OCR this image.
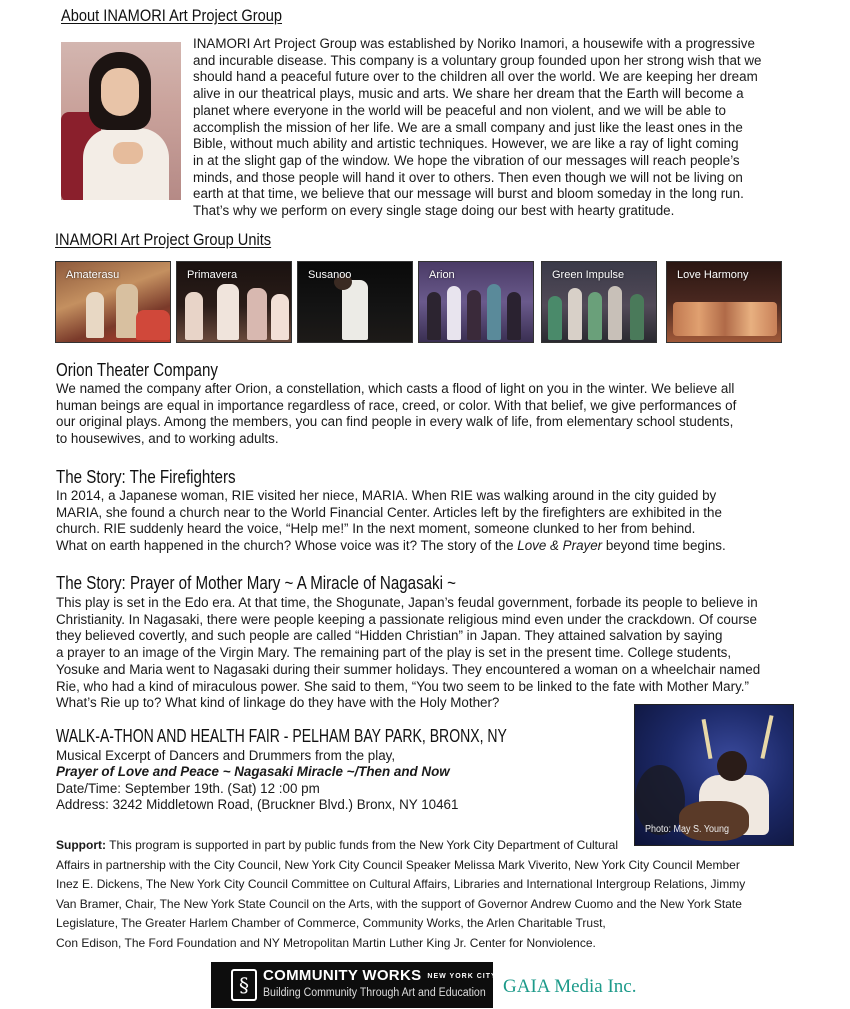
About INAMORI Art Project Group
INAMORI Art Project Group was established by Noriko Inamori, a housewife with a progressive
and incurable disease. This company is a voluntary group founded upon her strong wish that we
should hand a peaceful future over to the children all over the world. We are keeping her dream
alive in our theatrical plays, music and arts. We share her dream that the Earth will become a
planet where everyone in the world will be peaceful and non violent, and we will be able to
accomplish the mission of her life. We are a small company and just like the least ones in the
Bible, without much ability and artistic techniques. However, we are like a ray of light coming
in at the slight gap of the window. We hope the vibration of our messages will reach people’s
minds, and those people will hand it over to others. Then even though we will not be living on
earth at that time, we believe that our message will burst and bloom someday in the long run.
That’s why we perform on every single stage doing our best with hearty gratitude.
INAMORI Art Project Group Units
Amaterasu	Primavera	Susanoo	Arion	Green Impulse	Love Harmony
Orion Theater Company
We named the company after Orion, a constellation, which casts a flood of light on you in the winter. We believe all
human beings are equal in importance regardless of race, creed, or color. With that belief, we give performances of
our original plays. Among the members, you can find people in every walk of life, from elementary school students,
to housewives, and to working adults.
The Story: The Firefighters
In 2014, a Japanese woman, RIE visited her niece, MARIA. When RIE was walking around in the city guided by
MARIA, she found a church near to the World Financial Center. Articles left by the firefighters are exhibited in the
church. RIE suddenly heard the voice, “Help me!” In the next moment, someone clunked to her from behind.
What on earth happened in the church? Whose voice was it? The story of the Love & Prayer beyond time begins.
The Story: Prayer of Mother Mary ~ A Miracle of Nagasaki ~
This play is set in the Edo era. At that time, the Shogunate, Japan’s feudal government, forbade its people to believe in
Christianity. In Nagasaki, there were people keeping a passionate religious mind even under the crackdown. Of course
they believed covertly, and such people are called “Hidden Christian” in Japan. They attained salvation by saying
a prayer to an image of the Virgin Mary. The remaining part of the play is set in the present time. College students,
Yosuke and Maria went to Nagasaki during their summer holidays. They encountered a woman on a wheelchair named
Rie, who had a kind of miraculous power. She said to them, “You two seem to be linked to the fate with Mother Mary.”
What’s Rie up to? What kind of linkage do they have with the Holy Mother?
WALK-A-THON AND HEALTH FAIR - PELHAM BAY PARK, BRONX, NY
Musical Excerpt of Dancers and Drummers from the play,
Prayer of Love and Peace ~ Nagasaki Miracle ~/Then and Now
Date/Time: September 19th. (Sat) 12 :00 pm
Address: 3242 Middletown Road, (Bruckner Blvd.) Bronx, NY 10461
Photo: May S. Young
Support: This program is supported in part by public funds from the New York City Department of Cultural
Affairs in partnership with the City Council, New York City Council Speaker Melissa Mark Viverito, New York City Council Member
Inez E. Dickens, The New York City Council Committee on Cultural Affairs, Libraries and International Intergroup Relations, Jimmy
Van Bramer, Chair, The New York State Council on the Arts, with the support of Governor Andrew Cuomo and the New York State
Legislature, The Greater Harlem Chamber of Commerce, Community Works, the Arlen Charitable Trust,
Con Edison, The Ford Foundation and NY Metropolitan Martin Luther King Jr. Center for Nonviolence.
§ COMMUNITY WORKS NEW YORK CITY
Building Community Through Art and Education GAIA Media Inc.
